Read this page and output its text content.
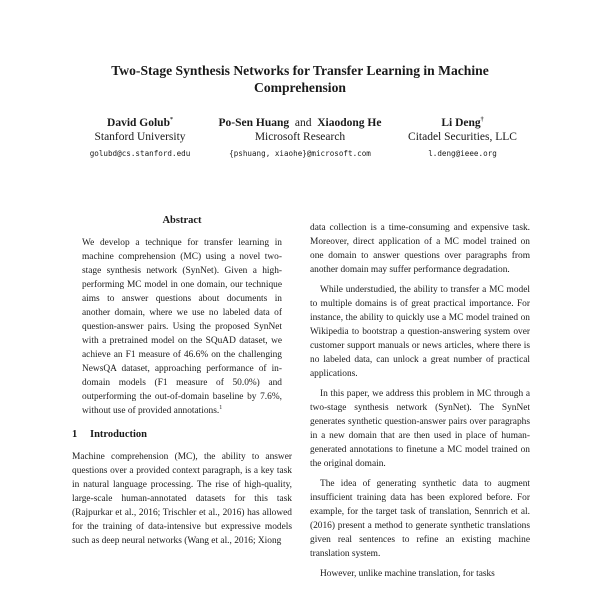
Two-Stage Synthesis Networks for Transfer Learning in Machine
Comprehension
David Golub*
Stanford University
golubd@cs.stanford.edu
Po-Sen Huang and Xiaodong He
Microsoft Research
{pshuang, xiaohe}@microsoft.com
Li Deng†
Citadel Securities, LLC
l.deng@ieee.org
Abstract
We develop a technique for transfer learning in machine comprehension (MC) using a novel two-stage synthesis network (SynNet). Given a high-performing MC model in one domain, our technique aims to answer questions about documents in another domain, where we use no labeled data of question-answer pairs. Using the proposed SynNet with a pretrained model on the SQuAD dataset, we achieve an F1 measure of 46.6% on the challenging NewsQA dataset, approaching performance of in-domain models (F1 measure of 50.0%) and outperforming the out-of-domain baseline by 7.6%, without use of provided annotations.$^1$
1 Introduction

Machine comprehension (MC), the ability to answer questions over a provided context paragraph, is a key task in natural language processing. The rise of high-quality, large-scale human-annotated datasets for this task (Rajpurkar et al., 2016; Trischler et al., 2016) has allowed for the training of data-intensive but expressive models such as deep neural networks (Wang et al., 2016; Xiong

data collection is a time-consuming and expensive task. Moreover, direct application of a MC model trained on one domain to answer questions over paragraphs from another domain may suffer performance degradation.

While understudied, the ability to transfer a MC model to multiple domains is of great practical importance. For instance, the ability to quickly use a MC model trained on Wikipedia to bootstrap a question-answering system over customer support manuals or news articles, where there is no labeled data, can unlock a great number of practical applications.

In this paper, we address this problem in MC through a two-stage synthesis network (SynNet). The SynNet generates synthetic question-answer pairs over paragraphs in a new domain that are then used in place of human-generated annotations to finetune a MC model trained on the original domain.

The idea of generating synthetic data to augment insufficient training data has been explored before. For example, for the target task of translation, Sennrich et al. (2016) present a method to generate synthetic translations given real sentences to refine an existing machine translation system.

However, unlike machine translation, for tasks
